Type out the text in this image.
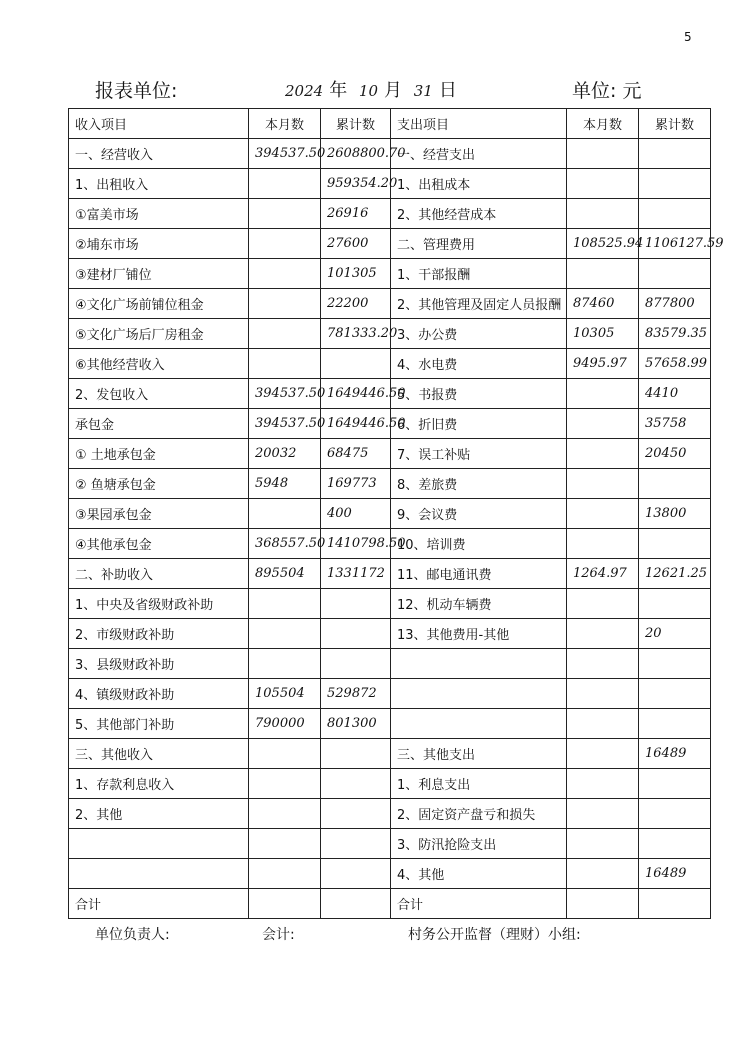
5
报表单位:	2024 年 10 月 31 日	单位: 元
收入项目	本月数	累计数	支出项目	本月数	累计数
一、经营收入	394537.50	2608800.70	一、经营支出		
1、出租收入		959354.20	1、出租成本		
①富美市场		26916	2、其他经营成本		
②埔东市场		27600	二、管理费用	108525.94	1106127.59
③建材厂铺位		101305	1、干部报酬		
④文化广场前铺位租金		22200	2、其他管理及固定人员报酬	87460	877800
⑤文化广场后厂房租金		781333.20	3、办公费	10305	83579.35
⑥其他经营收入			4、水电费	9495.97	57658.99
2、发包收入	394537.50	1649446.50	5、书报费		4410
承包金	394537.50	1649446.50	6、折旧费		35758
① 土地承包金	20032	68475	7、误工补贴		20450
② 鱼塘承包金	5948	169773	8、差旅费		
③果园承包金		400	9、会议费		13800
④其他承包金	368557.50	1410798.50	10、培训费		
二、补助收入	895504	1331172	11、邮电通讯费	1264.97	12621.25
1、中央及省级财政补助			12、机动车辆费		
2、市级财政补助			13、其他费用-其他		20
3、县级财政补助					
4、镇级财政补助	105504	529872			
5、其他部门补助	790000	801300			
三、其他收入			三、其他支出		16489
1、存款利息收入			1、利息支出		
2、其他			2、固定资产盘亏和损失		
			3、防汛抢险支出		
			4、其他		16489
合计			合计		
单位负责人:	会计:	村务公开监督（理财）小组:
